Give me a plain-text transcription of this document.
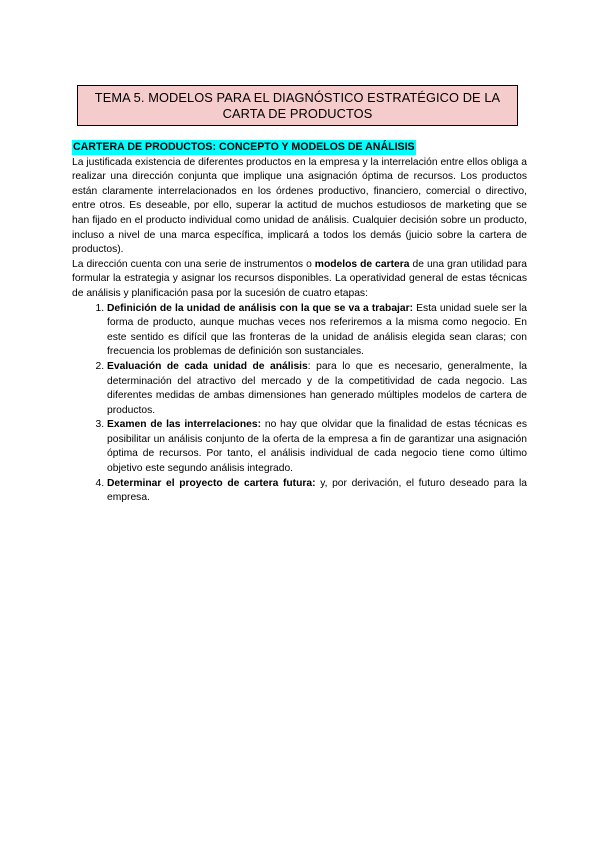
TEMA 5. MODELOS PARA EL DIAGNÓSTICO ESTRATÉGICO DE LA CARTA DE PRODUCTOS
CARTERA DE PRODUCTOS: CONCEPTO Y MODELOS DE ANÁLISIS

La justificada existencia de diferentes productos en la empresa y la interrelación entre ellos obliga a realizar una dirección conjunta que implique una asignación óptima de recursos. Los productos están claramente interrelacionados en los órdenes productivo, financiero, comercial o directivo, entre otros. Es deseable, por ello, superar la actitud de muchos estudiosos de marketing que se han fijado en el producto individual como unidad de análisis. Cualquier decisión sobre un producto, incluso a nivel de una marca específica, implicará a todos los demás (juicio sobre la cartera de productos).

La dirección cuenta con una serie de instrumentos o modelos de cartera de una gran utilidad para formular la estrategia y asignar los recursos disponibles. La operatividad general de estas técnicas de análisis y planificación pasa por la sucesión de cuatro etapas:

1. Definición de la unidad de análisis con la que se va a trabajar: Esta unidad suele ser la forma de producto, aunque muchas veces nos referiremos a la misma como negocio. En este sentido es difícil que las fronteras de la unidad de análisis elegida sean claras; con frecuencia los problemas de definición son sustanciales.
2. Evaluación de cada unidad de análisis: para lo que es necesario, generalmente, la determinación del atractivo del mercado y de la competitividad de cada negocio. Las diferentes medidas de ambas dimensiones han generado múltiples modelos de cartera de productos.
3. Examen de las interrelaciones: no hay que olvidar que la finalidad de estas técnicas es posibilitar un análisis conjunto de la oferta de la empresa a fin de garantizar una asignación óptima de recursos. Por tanto, el análisis individual de cada negocio tiene como último objetivo este segundo análisis integrado.
4. Determinar el proyecto de cartera futura: y, por derivación, el futuro deseado para la empresa.
